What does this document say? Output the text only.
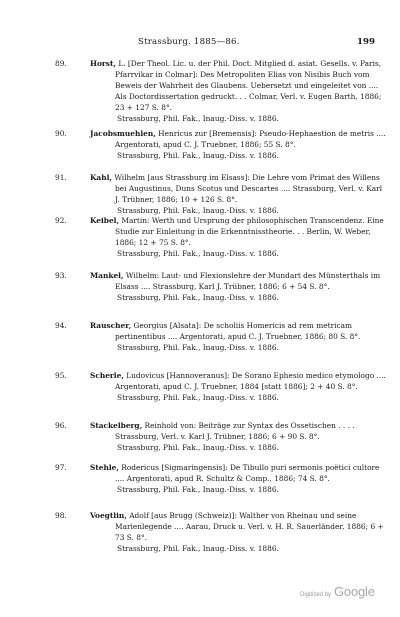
Strassburg. 1885—86.	199
89.	Horst, L. [Der Theol. Lic. u. der Phil. Doct. Mitglied d. asiat. Gesells. v. Paris, Pfarrvikar in Colmar]: Des Metropoliten Elias von Nisibis Buch vom Beweis der Wahrheit des Glaubens. Uebersetzt und eingeleitet von .... Als Doctordissertation gedruckt. . . Colmar, Verl. v. Eugen Barth, 1886; 23 + 127 S. 8°.
Strassburg, Phil. Fak., Inaug.-Diss. v. 1886.
90.	Jacobsmuehlen, Henricus zur [Bremensis]: Pseudo-Hephaestion de metris .... Argentorati, apud C. J. Truebner, 1886; 55 S. 8°.
Strassburg, Phil. Fak., Inaug.-Diss. v. 1886.
91.	Kahl, Wilhelm [aus Strassburg im Elsass]: Die Lehre vom Primat des Willens bei Augustinus, Duns Scotus und Descartes .... Strassburg, Verl. v. Karl J. Trübner, 1886; 10 + 126 S. 8°.
Strassburg, Phil. Fak., Inaug.-Diss. v. 1886.
92.	Keibel, Martin: Werth und Ursprung der philosophischen Transcendenz. Eine Studie zur Einleitung in die Erkenntnisstheorie. . . Berlin, W. Weber, 1886; 12 + 75 S. 8°.
Strassburg, Phil. Fak., Inaug.-Diss. v. 1886.
93.	Mankel, Wilhelm: Laut- und Flexionslehre der Mundart des Münsterthals im Elsass .... Strassburg, Karl J. Trübner, 1886; 6 + 54 S. 8°.
Strassburg, Phil. Fak., Inaug.-Diss. v. 1886.
94.	Rauscher, Georgius [Alsata]: De scholiis Homericis ad rem metricam pertinentibus .... Argentorati, apud C. J. Truebner, 1886; 80 S. 8°.
Strassburg, Phil. Fak., Inaug.-Diss. v. 1886.
95.	Scherle, Ludovicus [Hannoveranus]: De Sorano Ephesio medico etymologo .... Argentorati, apud C. J. Truebner, 1884 [statt 1886]; 2 + 40 S. 8°.
Strassburg, Phil. Fak., Inaug.-Diss. v. 1886.
96.	Stackelberg, Reinhold von: Beiträge zur Syntax des Ossetischen . . . . Strassburg, Verl. v. Karl J. Trübner, 1886; 6 + 90 S. 8°.
Strassburg, Phil. Fak., Inaug.-Diss. v. 1886.
97.	Stehle, Rodericus [Sigmaringensis]: De Tibullo puri sermonis poëtici cultore .... Argentorati, apud R. Schultz & Comp., 1886; 74 S. 8°.
Strassburg, Phil. Fak., Inaug.-Diss. v. 1886.
98.	Voegtlin, Adolf [aus Brugg (Schweiz)]: Walther von Rheinau und seine Marienlegende .... Aarau, Druck u. Verl. v. H. R. Sauerländer, 1886; 6 + 73 S. 8°.
Strassburg, Phil. Fak., Inaug.-Diss. v. 1886.
Digitized by Google
